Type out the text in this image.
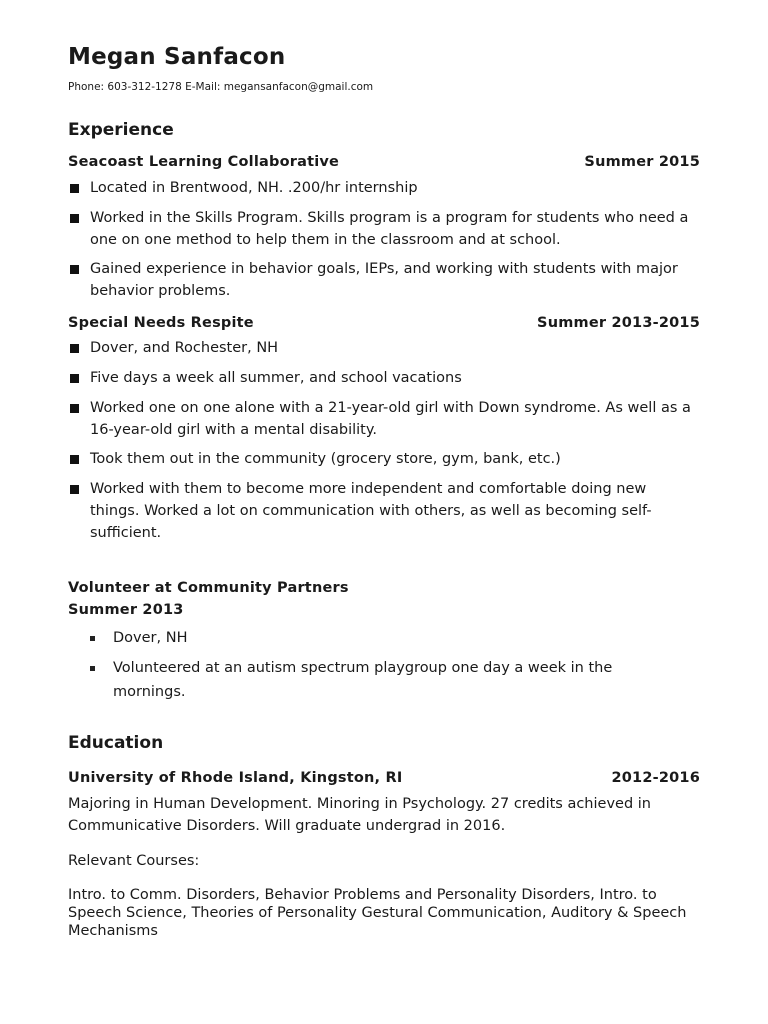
Megan Sanfacon
Phone: 603-312-1278 E-Mail: megansanfacon@gmail.com
Experience
Seacoast Learning Collaborative	Summer 2015
Located in Brentwood, NH. .200/hr internship
Worked in the Skills Program. Skills program is a program for students who need a one on one method to help them in the classroom and at school.
Gained experience in behavior goals, IEPs, and working with students with major behavior problems.
Special Needs Respite	Summer 2013-2015
Dover, and Rochester, NH
Five days a week all summer, and school vacations
Worked one on one alone with a 21-year-old girl with Down syndrome. As well as a 16-year-old girl with a mental disability.
Took them out in the community (grocery store, gym, bank, etc.)
Worked with them to become more independent and comfortable doing new things. Worked a lot on communication with others, as well as becoming self-sufficient.
Volunteer at Community Partners
Summer 2013
Dover, NH
Volunteered at an autism spectrum playgroup one day a week in the mornings.
Education
University of Rhode Island, Kingston, RI	2012-2016
Majoring in Human Development. Minoring in Psychology. 27 credits achieved in Communicative Disorders. Will graduate undergrad in 2016.
Relevant Courses:
Intro. to Comm. Disorders, Behavior Problems and Personality Disorders, Intro. to Speech Science, Theories of Personality Gestural Communication, Auditory & Speech Mechanisms
